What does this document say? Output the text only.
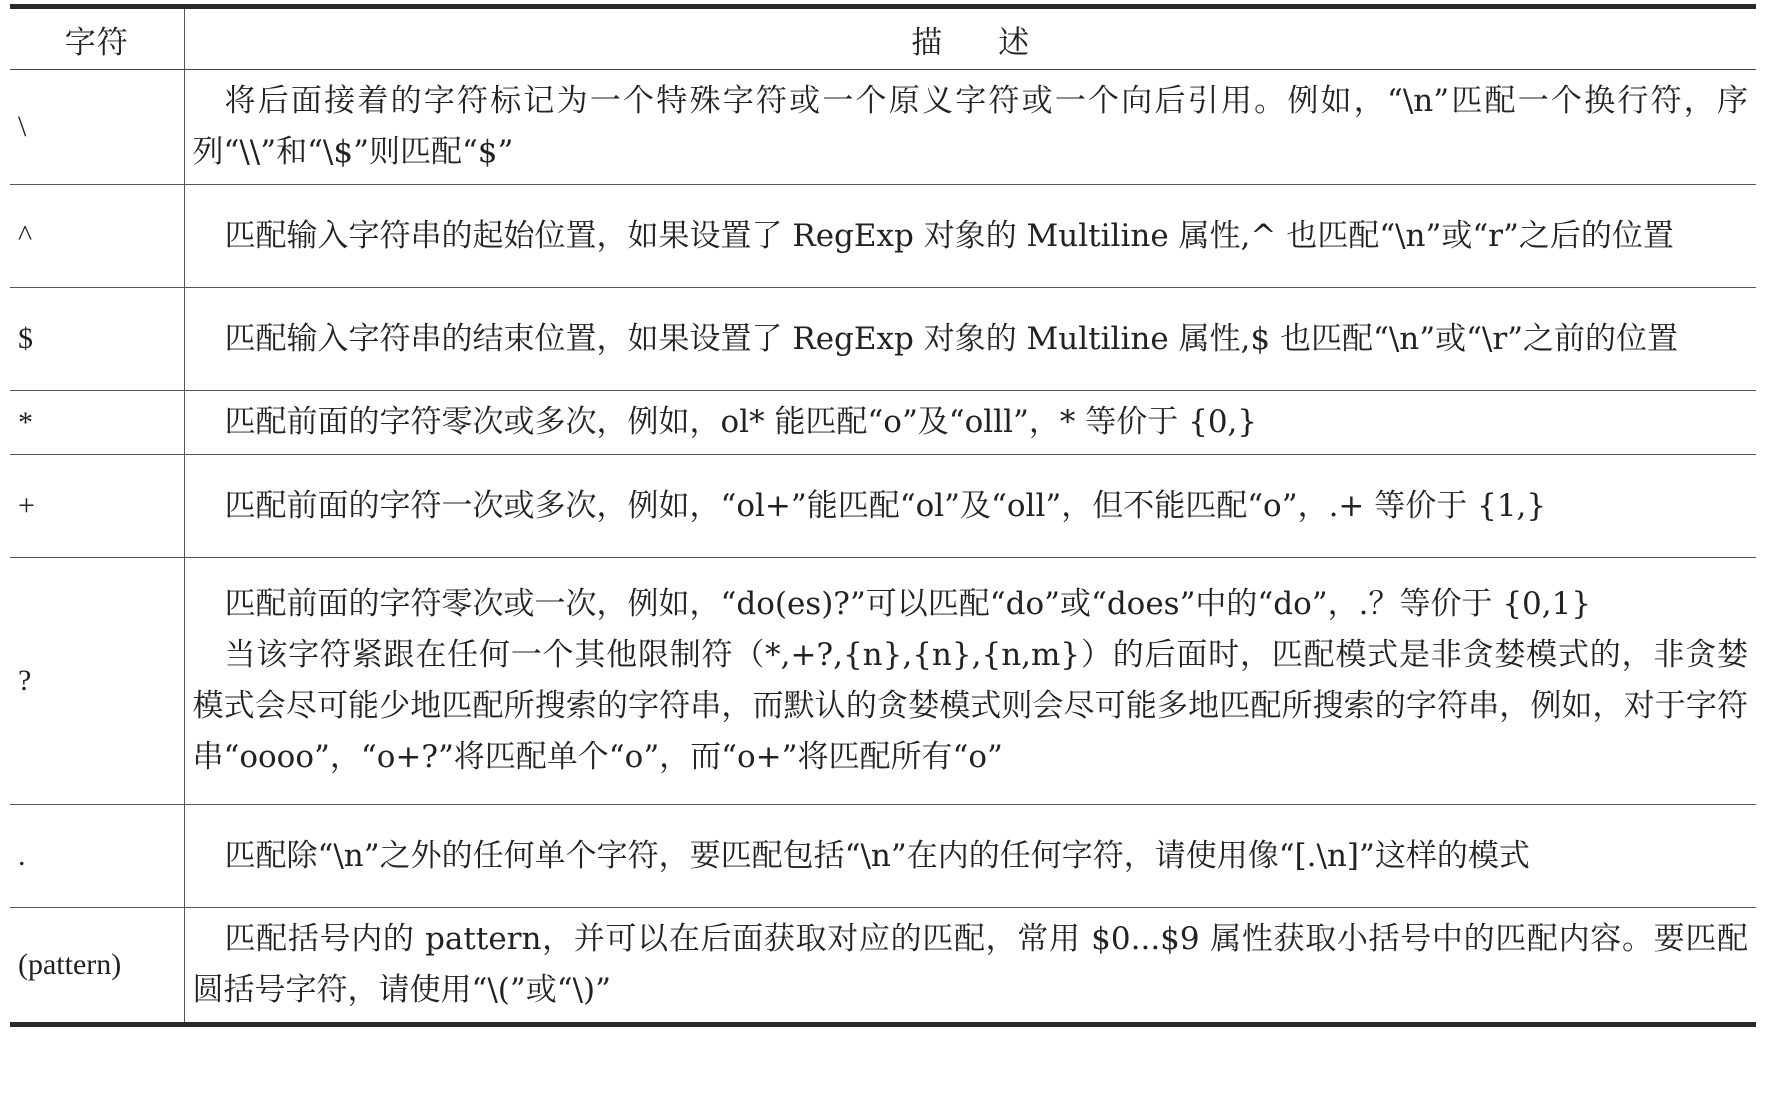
字符	描述
\	将后面接着的字符标记为一个特殊字符或一个原义字符或一个向后引用。例如，“\n”匹配一个换行符，序列“\\”和“\$”则匹配“$”

^	匹配输入字符串的起始位置，如果设置了 RegExp 对象的 Multiline 属性,^ 也匹配“\n”或“r”之后的位置

$	匹配输入字符串的结束位置，如果设置了 RegExp 对象的 Multiline 属性,$ 也匹配“\n”或“\r”之前的位置

*	匹配前面的字符零次或多次，例如，ol* 能匹配“o”及“olll”，* 等价于 {0,}

+	匹配前面的字符一次或多次，例如，“ol+”能匹配“ol”及“oll”，但不能匹配“o”，.+ 等价于 {1,}

?	匹配前面的字符零次或一次，例如，“do(es)?”可以匹配“do”或“does”中的“do”，.？等价于 {0,1}

当该字符紧跟在任何一个其他限制符（*,+?,{n},{n},{n,m}）的后面时，匹配模式是非贪婪模式的，非贪婪模式会尽可能少地匹配所搜索的字符串，而默认的贪婪模式则会尽可能多地匹配所搜索的字符串，例如，对于字符串“oooo”，“o+?”将匹配单个“o”，而“o+”将匹配所有“o”

.	匹配除“\n”之外的任何单个字符，要匹配包括“\n”在内的任何字符，请使用像“[.\n]”这样的模式

(pattern)	匹配括号内的 pattern，并可以在后面获取对应的匹配，常用 $0...$9 属性获取小括号中的匹配内容。要匹配圆括号字符，请使用“\(”或“\)”
